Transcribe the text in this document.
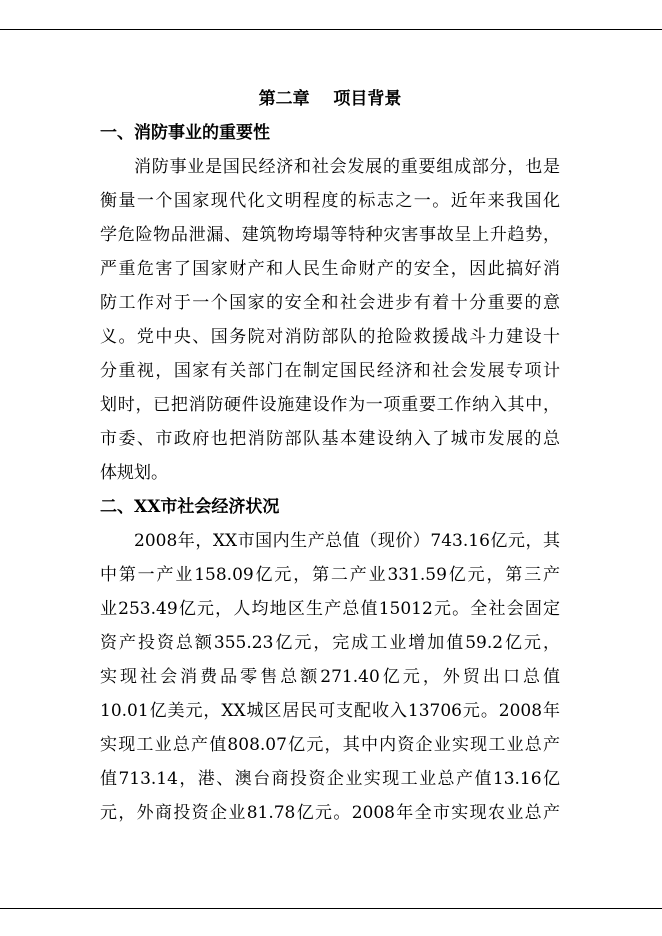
第二章    项目背景
一、消防事业的重要性

消防事业是国民经济和社会发展的重要组成部分，也是
衡量一个国家现代化文明程度的标志之一。近年来我国化
学危险物品泄漏、建筑物垮塌等特种灾害事故呈上升趋势，
严重危害了国家财产和人民生命财产的安全，因此搞好消
防工作对于一个国家的安全和社会进步有着十分重要的意
义。党中央、国务院对消防部队的抢险救援战斗力建设十
分重视，国家有关部门在制定国民经济和社会发展专项计
划时，已把消防硬件设施建设作为一项重要工作纳入其中，
市委、市政府也把消防部队基本建设纳入了城市发展的总
体规划。

二、XX市社会经济状况

2008年，XX市国内生产总值（现价）743.16亿元，其
中第一产业158.09亿元，第二产业331.59亿元，第三产
业253.49亿元，人均地区生产总值15012元。全社会固定
资产投资总额355.23亿元，完成工业增加值59.2亿元，
实现社会消费品零售总额271.40亿元，外贸出口总值
10.01亿美元，XX城区居民可支配收入13706元。2008年
实现工业总产值808.07亿元，其中内资企业实现工业总产
值713.14，港、澳台商投资企业实现工业总产值13.16亿
元，外商投资企业81.78亿元。2008年全市实现农业总产
